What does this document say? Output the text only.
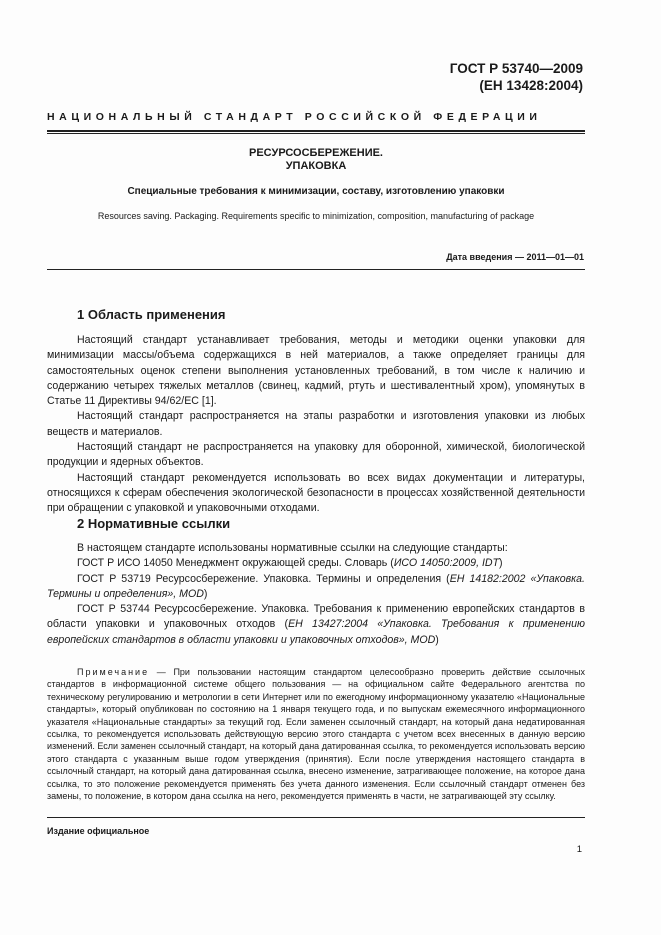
ГОСТ Р 53740—2009
(ЕН 13428:2004)
НАЦИОНАЛЬНЫЙ СТАНДАРТ РОССИЙСКОЙ ФЕДЕРАЦИИ
РЕСУРСОСБЕРЕЖЕНИЕ.
УПАКОВКА
Специальные требования к минимизации, составу, изготовлению упаковки
Resources saving. Packaging. Requirements specific to minimization, composition, manufacturing of package
Дата введения — 2011—01—01
1 Область применения

Настоящий стандарт устанавливает требования, методы и методики оценки упаковки для минимизации массы/объема содержащихся в ней материалов, а также определяет границы для самостоятельных оценок степени выполнения установленных требований, в том числе к наличию и содержанию четырех тяжелых металлов (свинец, кадмий, ртуть и шестивалентный хром), упомянутых в Статье 11 Директивы 94/62/ЕС [1].

Настоящий стандарт распространяется на этапы разработки и изготовления упаковки из любых веществ и материалов.

Настоящий стандарт не распространяется на упаковку для оборонной, химической, биологической продукции и ядерных объектов.

Настоящий стандарт рекомендуется использовать во всех видах документации и литературы, относящихся к сферам обеспечения экологической безопасности в процессах хозяйственной деятельности при обращении с упаковкой и упаковочными отходами.

2 Нормативные ссылки

В настоящем стандарте использованы нормативные ссылки на следующие стандарты:

ГОСТ Р ИСО 14050 Менеджмент окружающей среды. Словарь (ИСО 14050:2009, IDT)

ГОСТ Р 53719 Ресурсосбережение. Упаковка. Термины и определения (ЕН 14182:2002 «Упаковка. Термины и определения», MOD)

ГОСТ Р 53744 Ресурсосбережение. Упаковка. Требования к применению европейских стандартов в области упаковки и упаковочных отходов (ЕН 13427:2004 «Упаковка. Требования к применению европейских стандартов в области упаковки и упаковочных отходов», MOD)

Примечание — При пользовании настоящим стандартом целесообразно проверить действие ссылочных стандартов в информационной системе общего пользования — на официальном сайте Федерального агентства по техническому регулированию и метрологии в сети Интернет или по ежегодному информационному указателю «Национальные стандарты», который опубликован по состоянию на 1 января текущего года, и по выпускам ежемесячного информационного указателя «Национальные стандарты» за текущий год. Если заменен ссылочный стандарт, на который дана недатированная ссылка, то рекомендуется использовать действующую версию этого стандарта с учетом всех внесенных в данную версию изменений. Если заменен ссылочный стандарт, на который дана датированная ссылка, то рекомендуется использовать версию этого стандарта с указанным выше годом утверждения (принятия). Если после утверждения настоящего стандарта в ссылочный стандарт, на который дана датированная ссылка, внесено изменение, затрагивающее положение, на которое дана ссылка, то это положение рекомендуется применять без учета данного изменения. Если ссылочный стандарт отменен без замены, то положение, в котором дана ссылка на него, рекомендуется применять в части, не затрагивающей эту ссылку.
Издание официальное
1
